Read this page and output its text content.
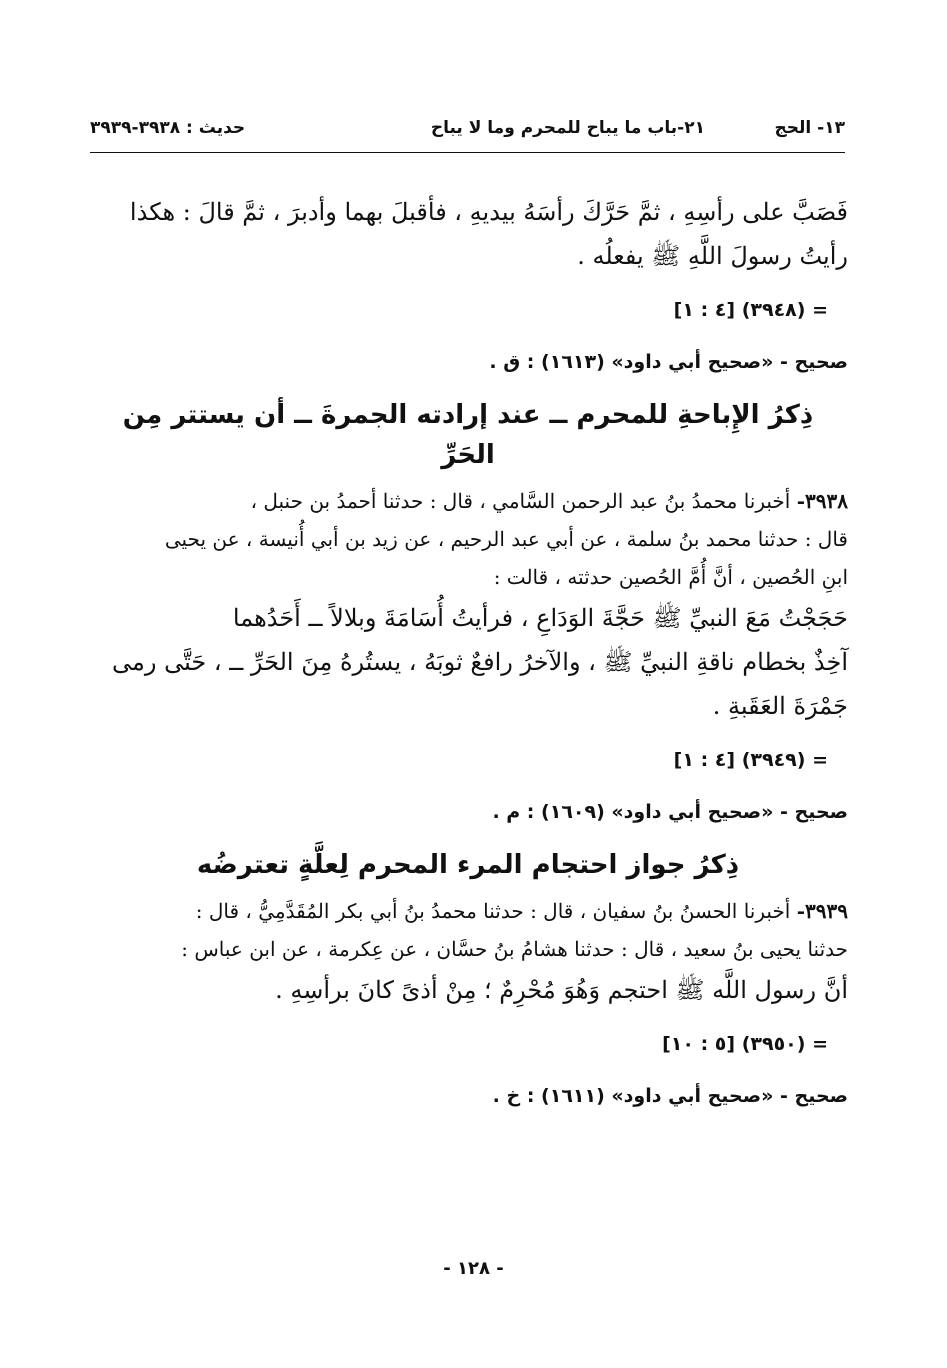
١٣- الحج
٢١-باب ما يباح للمحرم وما لا يباح
حديث : ٣٩٣٨-٣٩٣٩

فَصَبَّ على رأسِهِ ، ثمَّ حَرَّكَ رأسَهُ بيديهِ ، فأقبلَ بهما وأدبرَ ، ثمَّ قالَ : هكذا

رأيتُ رسولَ اللَّهِ ﷺ يفعلُه .

= (٣٩٤٨) [٤ : ١]

صحيح - «صحيح أبي داود» (١٦١٣) : ق .

ذِكرُ الإِباحةِ للمحرم ــ عند إرادته الجمرةَ ــ أن يستتر مِن
الحَرِّ

٣٩٣٨- أخبرنا محمدُ بنُ عبد الرحمن السَّامي ، قال : حدثنا أحمدُ بن حنبل ،

قال : حدثنا محمد بنُ سلمة ، عن أبي عبد الرحيم ، عن زيد بن أبي أُنيسة ، عن يحيى

ابنِ الحُصين ، أنَّ أُمَّ الحُصين حدثته ، قالت :

حَجَجْتُ مَعَ النبيِّ ﷺ حَجَّةَ الوَدَاعِ ، فرأيتُ أُسَامَةَ وبلالاً ــ أَحَدُهما

آخِذٌ بخطام ناقةِ النبيِّ ﷺ ، والآخرُ رافعٌ ثوبَهُ ، يستُرهُ مِنَ الحَرِّ ــ ، حَتَّى رمى

جَمْرَةَ العَقَبةِ .

= (٣٩٤٩) [٤ : ١]

صحيح - «صحيح أبي داود» (١٦٠٩) : م .

ذِكرُ جواز احتجام المرء المحرم لِعلَّةٍ تعترضُه

٣٩٣٩- أخبرنا الحسنُ بنُ سفيان ، قال : حدثنا محمدُ بنُ أبي بكر المُقَدَّمِيُّ ، قال :

حدثنا يحيى بنُ سعيد ، قال : حدثنا هشامُ بنُ حسَّان ، عن عِكرمة ، عن ابن عباس :

أنَّ رسول اللَّه ﷺ احتجم وَهُوَ مُحْرِمٌ ؛ مِنْ أذىً كانَ برأسِهِ .

= (٣٩٥٠) [٥ : ١٠]

صحيح - «صحيح أبي داود» (١٦١١) : خ .

- ١٢٨ -
